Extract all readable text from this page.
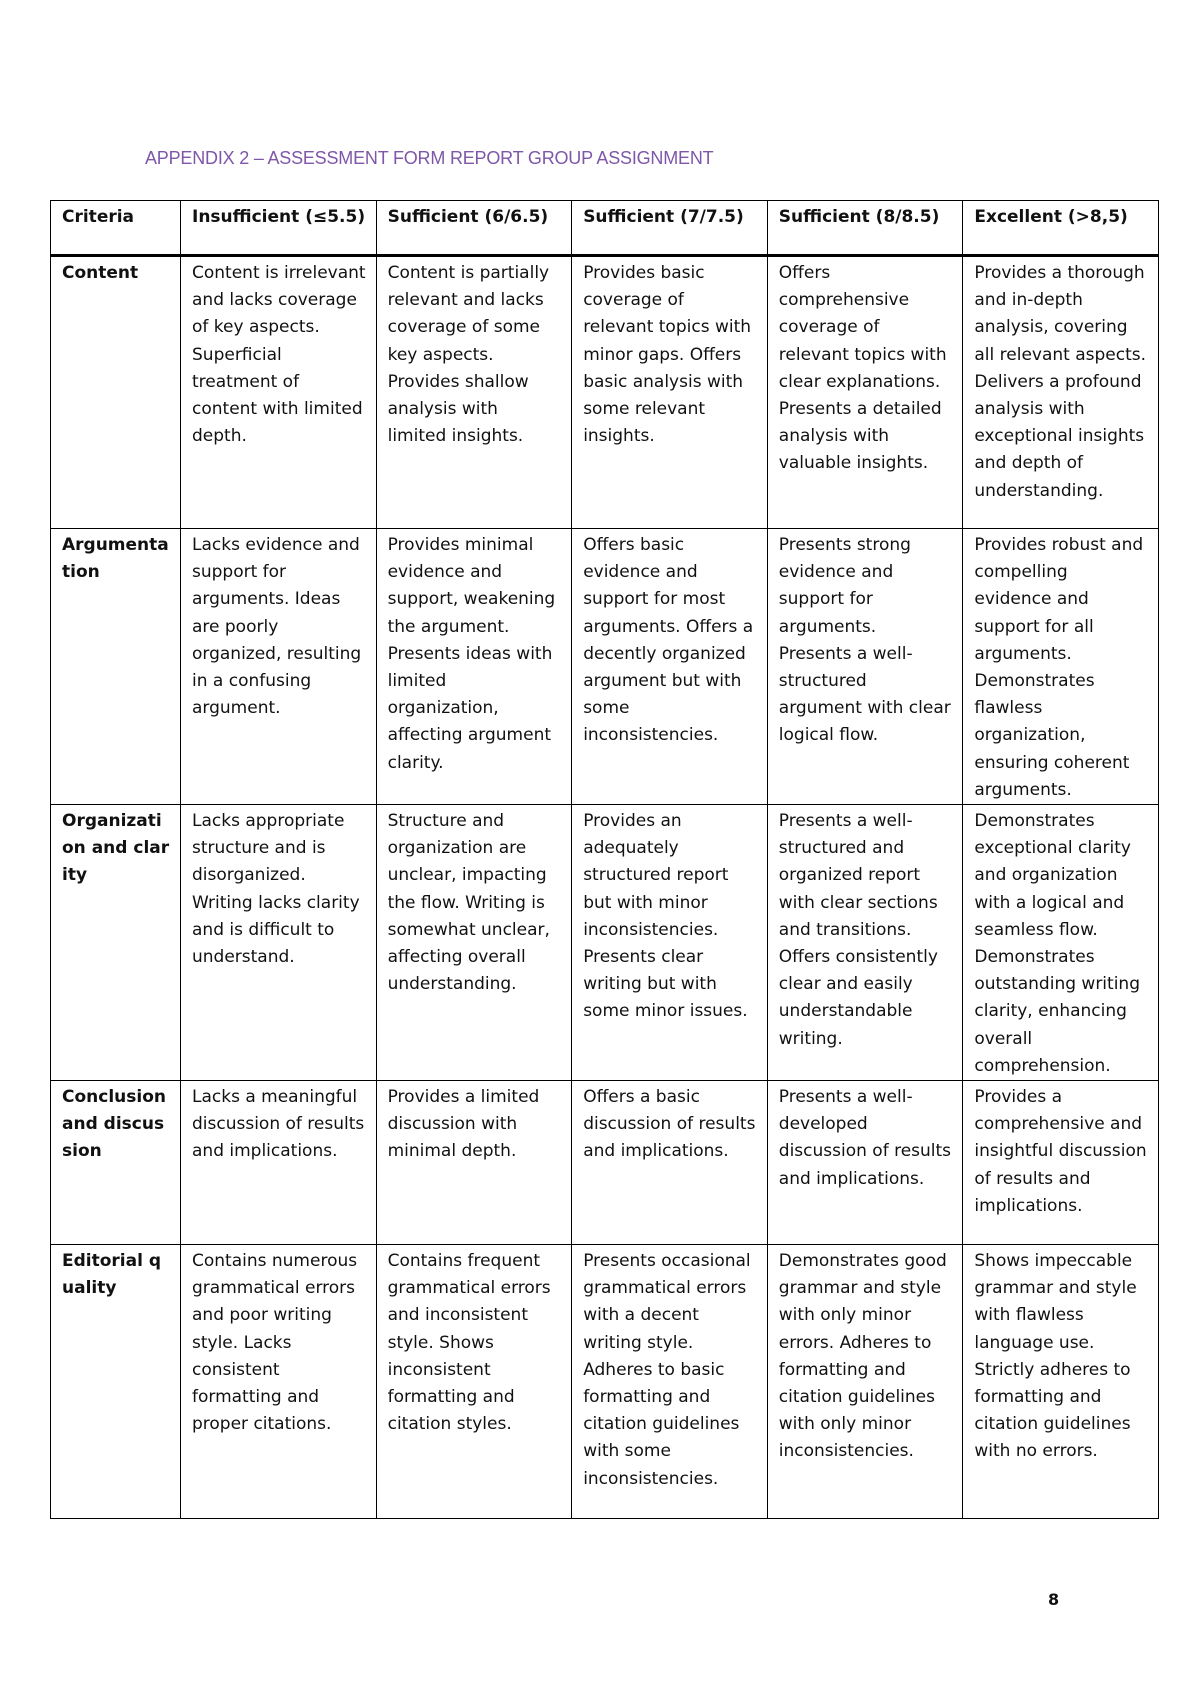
APPENDIX 2 – ASSESSMENT FORM REPORT GROUP ASSIGNMENT
Criteria	Insufficient (≤5.5)	Sufficient (6/6.5)	Sufficient (7/7.5)	Sufficient (8/8.5)	Excellent (>8,5)
Content	Content is irrelevant and lacks coverage of key aspects. Superficial treatment of content with limited depth.	Content is partially relevant and lacks coverage of some key aspects. Provides shallow analysis with limited insights.	Provides basic coverage of relevant topics with minor gaps. Offers basic analysis with some relevant insights.	Offers comprehensive coverage of relevant topics with clear explanations. Presents a detailed analysis with valuable insights.	Provides a thorough and in-depth analysis, covering all relevant aspects. Delivers a profound analysis with exceptional insights and depth of understanding.
Argumentation	Lacks evidence and support for arguments. Ideas are poorly organized, resulting in a confusing argument.	Provides minimal evidence and support, weakening the argument. Presents ideas with limited organization, affecting argument clarity.	Offers basic evidence and support for most arguments. Offers a decently organized argument but with some inconsistencies.	Presents strong evidence and support for arguments. Presents a well-structured argument with clear logical flow.	Provides robust and compelling evidence and support for all arguments. Demonstrates flawless organization, ensuring coherent arguments.
Organization and clarity	Lacks appropriate structure and is disorganized. Writing lacks clarity and is difficult to understand.	Structure and organization are unclear, impacting the flow. Writing is somewhat unclear, affecting overall understanding.	Provides an adequately structured report but with minor inconsistencies. Presents clear writing but with some minor issues.	Presents a well-structured and organized report with clear sections and transitions. Offers consistently clear and easily understandable writing.	Demonstrates exceptional clarity and organization with a logical and seamless flow. Demonstrates outstanding writing clarity, enhancing overall comprehension.
Conclusion and discussion	Lacks a meaningful discussion of results and implications.	Provides a limited discussion with minimal depth.	Offers a basic discussion of results and implications.	Presents a well-developed discussion of results and implications.	Provides a comprehensive and insightful discussion of results and implications.
Editorial quality	Contains numerous grammatical errors and poor writing style. Lacks consistent formatting and proper citations.	Contains frequent grammatical errors and inconsistent style. Shows inconsistent formatting and citation styles.	Presents occasional grammatical errors with a decent writing style. Adheres to basic formatting and citation guidelines with some inconsistencies.	Demonstrates good grammar and style with only minor errors. Adheres to formatting and citation guidelines with only minor inconsistencies.	Shows impeccable grammar and style with flawless language use. Strictly adheres to formatting and citation guidelines with no errors.
8
